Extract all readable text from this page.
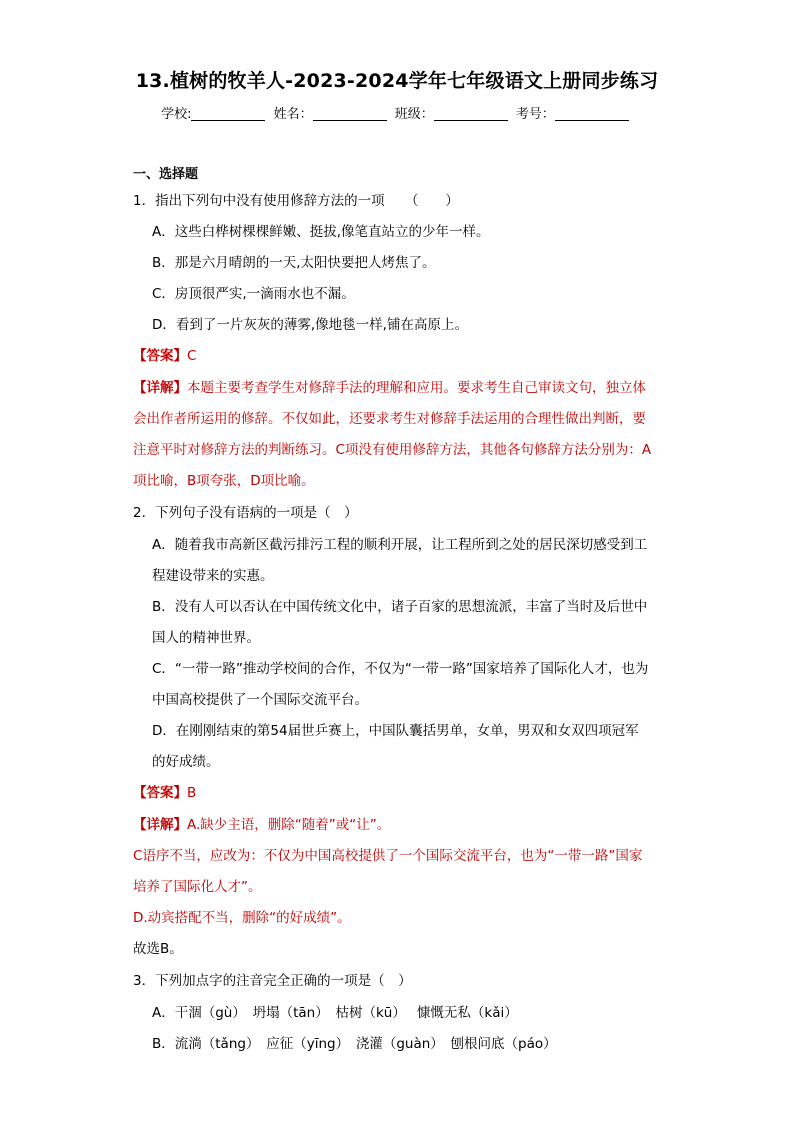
13.植树的牧羊人-2023-2024学年七年级语文上册同步练习
学校:	姓名：	班级：	考号：
一、选择题
1．指出下列句中没有使用修辞方法的一项　　（　　）
A．这些白桦树棵棵鲜嫩、挺拔,像笔直站立的少年一样。
B．那是六月晴朗的一天,太阳快要把人烤焦了。
C．房顶很严实,一滴雨水也不漏。
D．看到了一片灰灰的薄雾,像地毯一样,铺在高原上。
【答案】C
【详解】本题主要考查学生对修辞手法的理解和应用。要求考生自己审读文句，独立体
会出作者所运用的修辞。不仅如此，还要求考生对修辞手法运用的合理性做出判断，要
注意平时对修辞方法的判断练习。C项没有使用修辞方法，其他各句修辞方法分别为：A
项比喻，B项夸张，D项比喻。
2．下列句子没有语病的一项是（　）
A．随着我市高新区截污排污工程的顺利开展，让工程所到之处的居民深切感受到工
程建设带来的实惠。
B．没有人可以否认在中国传统文化中，诸子百家的思想流派，丰富了当时及后世中
国人的精神世界。
C．“一带一路”推动学校间的合作，不仅为“一带一路”国家培养了国际化人才，也为
中国高校提供了一个国际交流平台。
D．在刚刚结束的第54届世乒赛上，中国队囊括男单，女单，男双和女双四项冠军
的好成绩。
【答案】B
【详解】A.缺少主语，删除“随着”或“让”。
C语序不当，应改为：不仅为中国高校提供了一个国际交流平台，也为“一带一路”国家
培养了国际化人才”。
D.动宾搭配不当，删除“的好成绩”。
故选B。
3．下列加点字的注音完全正确的一项是（　）
A．干涸（gù）　坍塌（tān）　枯树（kū）　 慷慨无私（kǎi）
B．流淌（tǎng）　应征（yīng）　浇灌（guàn）　刨根问底（páo）
